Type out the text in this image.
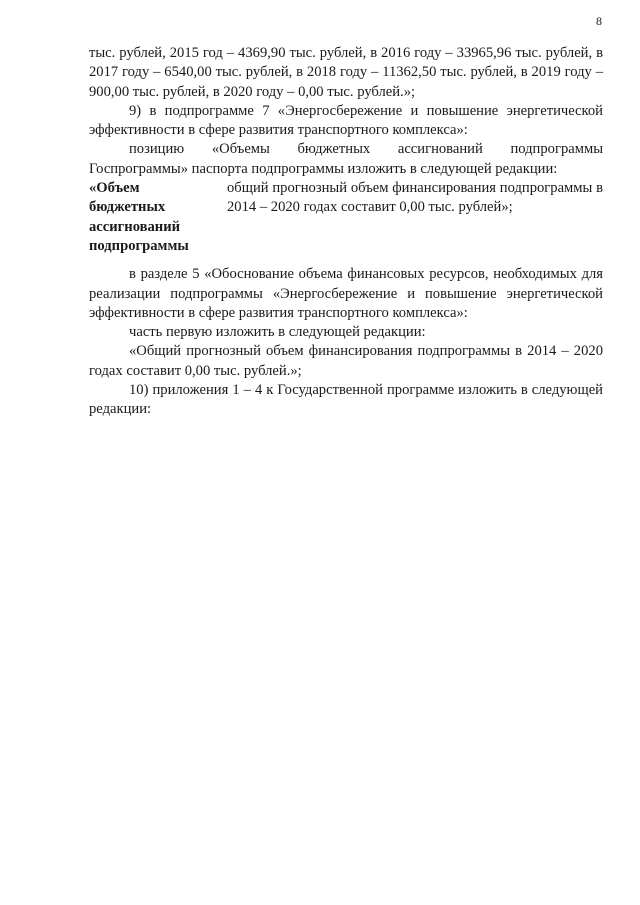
8

тыс. рублей, 2015 год – 4369,90 тыс. рублей, в 2016 году – 33965,96 тыс. рублей, в 2017 году – 6540,00 тыс. рублей, в 2018 году – 11362,50 тыс. рублей, в 2019 году – 900,00 тыс. рублей, в 2020 году – 0,00 тыс. рублей.»;

9) в подпрограмме 7 «Энергосбережение и повышение энергетической эффективности в сфере развития транспортного комплекса»:

позицию «Объемы бюджетных ассигнований подпрограммы Госпрограммы» паспорта подпрограммы изложить в следующей редакции:

«Объем
бюджетных
ассигнований
подпрограммы
	общий прогнозный объем финансирования подпрограммы в 2014 – 2020 годах составит 0,00 тыс. рублей»;

в разделе 5 «Обоснование объема финансовых ресурсов, необходимых для реализации подпрограммы «Энергосбережение и повышение энергетической эффективности в сфере развития транспортного комплекса»:

часть первую изложить в следующей редакции:

«Общий прогнозный объем финансирования подпрограммы в 2014 – 2020 годах составит 0,00 тыс. рублей.»;

10) приложения 1 – 4 к Государственной программе изложить в следующей редакции:
